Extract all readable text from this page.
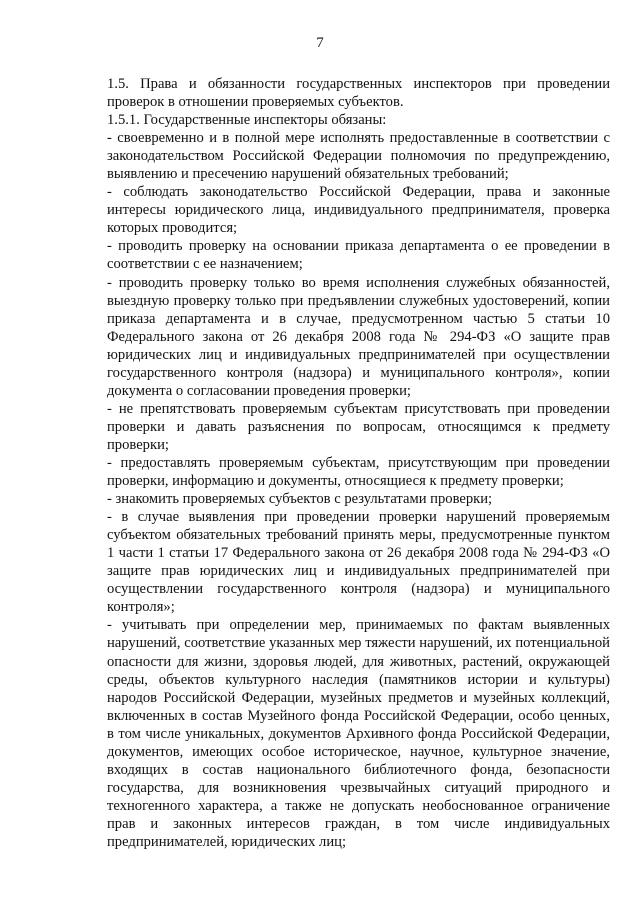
7

1.5. Права и обязанности государственных инспекторов при проведении проверок в отношении проверяемых субъектов.

1.5.1. Государственные инспекторы обязаны:

- своевременно и в полной мере исполнять предоставленные в соответствии с законодательством Российской Федерации полномочия по предупреждению, выявлению и пресечению нарушений обязательных требований;

- соблюдать законодательство Российской Федерации, права и законные интересы юридического лица, индивидуального предпринимателя, проверка которых проводится;

- проводить проверку на основании приказа департамента о ее проведении в соответствии с ее назначением;

- проводить проверку только во время исполнения служебных обязанностей, выездную проверку только при предъявлении служебных удостоверений, копии приказа департамента и в случае, предусмотренном частью 5 статьи 10 Федерального закона от 26 декабря 2008 года № 294-ФЗ «О защите прав юридических лиц и индивидуальных предпринимателей при осуществлении государственного контроля (надзора) и муниципального контроля», копии документа о согласовании проведения проверки;

- не препятствовать проверяемым субъектам присутствовать при проведении проверки и давать разъяснения по вопросам, относящимся к предмету проверки;

- предоставлять проверяемым субъектам, присутствующим при проведении проверки, информацию и документы, относящиеся к предмету проверки;

- знакомить проверяемых субъектов с результатами проверки;

- в случае выявления при проведении проверки нарушений проверяемым субъектом обязательных требований принять меры, предусмотренные пунктом 1 части 1 статьи 17 Федерального закона от 26 декабря 2008 года № 294-ФЗ «О защите прав юридических лиц и индивидуальных предпринимателей при осуществлении государственного контроля (надзора) и муниципального контроля»;

- учитывать при определении мер, принимаемых по фактам выявленных нарушений, соответствие указанных мер тяжести нарушений, их потенциальной опасности для жизни, здоровья людей, для животных, растений, окружающей среды, объектов культурного наследия (памятников истории и культуры) народов Российской Федерации, музейных предметов и музейных коллекций, включенных в состав Музейного фонда Российской Федерации, особо ценных, в том числе уникальных, документов Архивного фонда Российской Федерации, документов, имеющих особое историческое, научное, культурное значение, входящих в состав национального библиотечного фонда, безопасности государства, для возникновения чрезвычайных ситуаций природного и техногенного характера, а также не допускать необоснованное ограничение прав и законных интересов граждан, в том числе индивидуальных предпринимателей, юридических лиц;
